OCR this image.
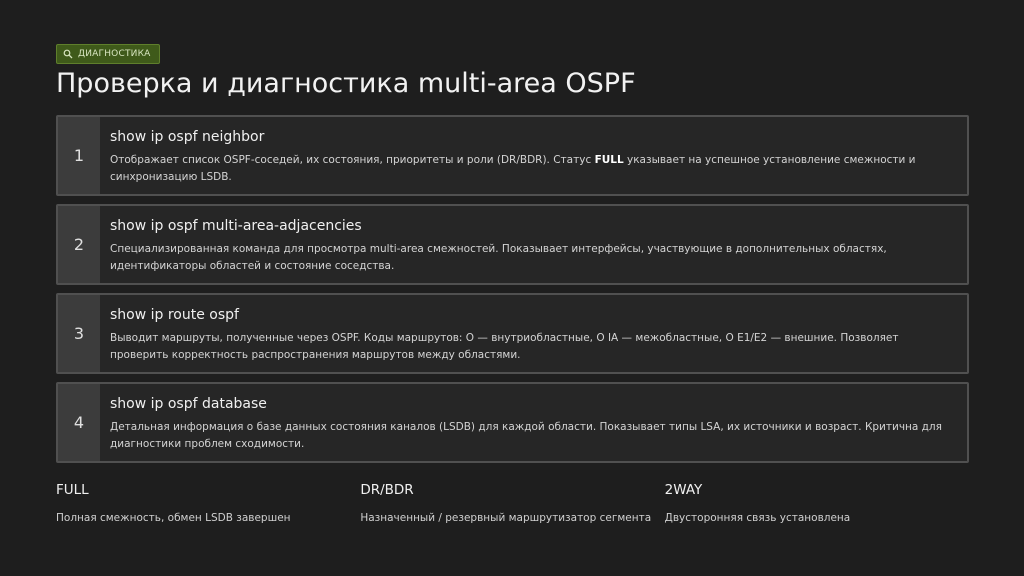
ДИАГНОСТИКА
Проверка и диагностика multi-area OSPF
1
show ip ospf neighbor
Отображает список OSPF-соседей, их состояния, приоритеты и роли (DR/BDR). Статус FULL указывает на успешное установление смежности и синхронизацию LSDB.
2
show ip ospf multi-area-adjacencies
Специализированная команда для просмотра multi-area смежностей. Показывает интерфейсы, участвующие в дополнительных областях, идентификаторы областей и состояние соседства.
3
show ip route ospf
Выводит маршруты, полученные через OSPF. Коды маршрутов: O — внутриобластные, O IA — межобластные, O E1/E2 — внешние. Позволяет проверить корректность распространения маршрутов между областями.
4
show ip ospf database
Детальная информация о базе данных состояния каналов (LSDB) для каждой области. Показывает типы LSA, их источники и возраст. Критична для диагностики проблем сходимости.
FULL
Полная смежность, обмен LSDB завершен
DR/BDR
Назначенный / резервный маршрутизатор сегмента
2WAY
Двусторонняя связь установлена
